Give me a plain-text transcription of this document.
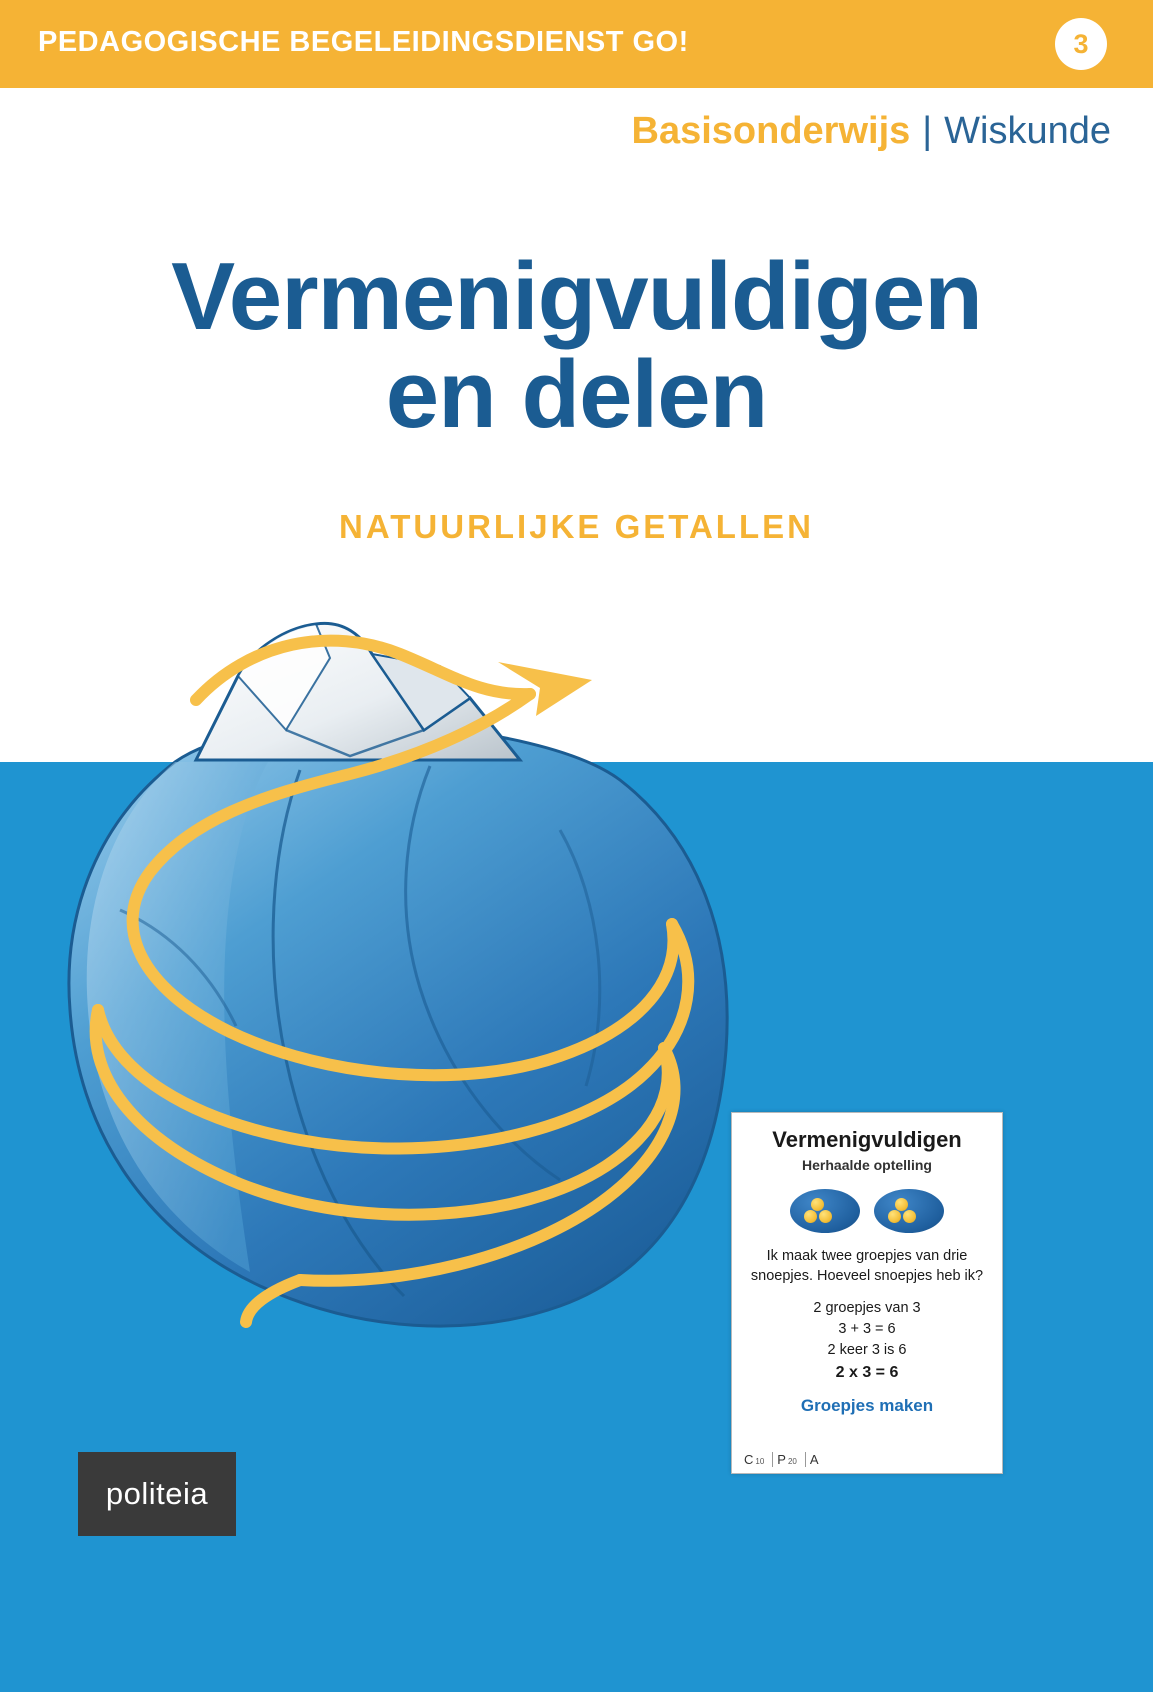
PEDAGOGISCHE BEGELEIDINGSDIENST GO!	3
Basisonderwijs | Wiskunde
Vermenigvuldigen
en delen
NATUURLIJKE GETALLEN
Vermenigvuldigen
Herhaalde optelling
Ik maak twee groepjes van drie snoepjes. Hoeveel snoepjes heb ik?
2 groepjes van 3
3 + 3 = 6
2 keer 3 is 6
2 x 3 = 6
Groepjes maken
C 10 P 20 A
politeia
